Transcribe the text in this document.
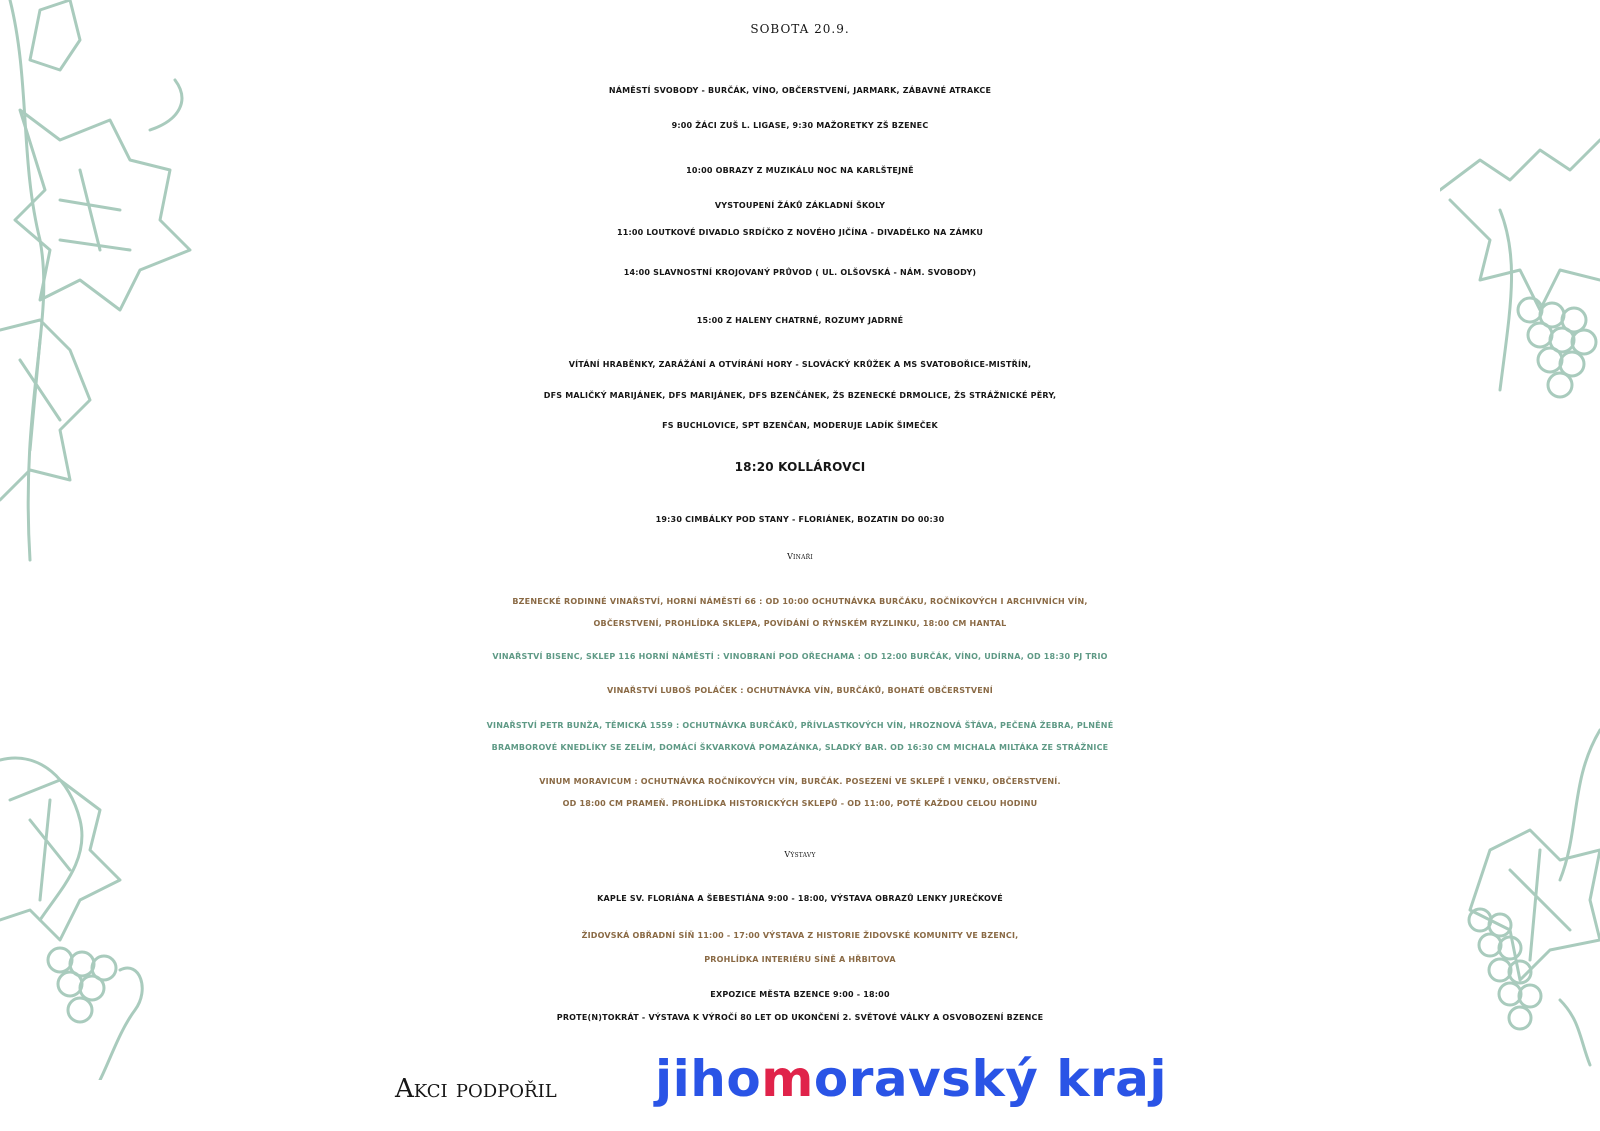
SOBOTA 20.9.
NÁMĚSTÍ SVOBODY - BURČÁK, VÍNO, OBČERSTVENÍ, JARMARK, ZÁBAVNÉ ATRAKCE
9:00 ŽÁCI ZUŠ L. LIGASE, 9:30 MAŽORETKY ZŠ BZENEC
10:00 OBRAZY Z MUZIKÁLU NOC NA KARLŠTEJNĚ
VYSTOUPENÍ ŽÁKŮ ZÁKLADNÍ ŠKOLY
11:00 LOUTKOVÉ DIVADLO SRDÍČKO Z NOVÉHO JIČÍNA - DIVADÉLKO NA ZÁMKU
14:00 SLAVNOSTNÍ KROJOVANÝ PRŮVOD ( UL. OLŠOVSKÁ - NÁM. SVOBODY)
15:00 Z HALENY CHATRNÉ, ROZUMY JADRNÉ
VÍTÁNÍ HRABĚNKY, ZARÁŽÁNÍ A OTVÍRÁNÍ HORY - SLOVÁCKÝ KRŮŽEK A MS SVATOBOŘICE-MISTŘÍN,
DFS MALIČKÝ MARIJÁNEK, DFS MARIJÁNEK, DFS BZENČÁNEK, ŽS BZENECKÉ DRMOLICE, ŽS STRÁŽNICKÉ PĚRY,
FS BUCHLOVICE, SPT BZENČAN, MODERUJE LADÍK ŠIMEČEK
18:20 KOLLÁROVCI
19:30 CIMBÁLKY POD STANY - FLORIÁNEK, BOZATIN DO 00:30
Vinaři
BZENECKÉ RODINNÉ VINAŘSTVÍ, HORNÍ NÁMĚSTÍ 66 : OD 10:00 OCHUTNÁVKA BURČÁKU, ROČNÍKOVÝCH I ARCHIVNÍCH VÍN,
OBČERSTVENÍ, PROHLÍDKA SKLEPA, POVÍDÁNÍ O RÝNSKÉM RYZLINKU, 18:00 CM HANTAL
VINAŘSTVÍ BISENC, SKLEP 116 HORNÍ NÁMĚSTÍ : VINOBRANÍ POD OŘECHAMA : OD 12:00 BURČÁK, VÍNO, UDÍRNA, OD 18:30 PJ TRIO
VINAŘSTVÍ LUBOŠ POLÁČEK : OCHUTNÁVKA VÍN, BURČÁKŮ, BOHATÉ OBČERSTVENÍ
VINAŘSTVÍ PETR BUNŽA, TĚMICKÁ 1559 : OCHUTNÁVKA BURČÁKŮ, PŘÍVLASTKOVÝCH VÍN, HROZNOVÁ ŠŤÁVA, PEČENÁ ŽEBRA, PLNĚNÉ
BRAMBOROVÉ KNEDLÍKY SE ZELÍM, DOMÁCÍ ŠKVARKOVÁ POMAZÁNKA, SLADKÝ BAR. OD 16:30 CM MICHALA MILTÁKA ZE STRÁŽNICE
VINUM MORAVICUM : OCHUTNÁVKA ROČNÍKOVÝCH VÍN, BURČÁK. POSEZENÍ VE SKLEPĚ I VENKU, OBČERSTVENÍ.
OD 18:00 CM PRAMEŇ. PROHLÍDKA HISTORICKÝCH SKLEPŮ - OD 11:00, POTÉ KAŽDOU CELOU HODINU
Výstavy
KAPLE SV. FLORIÁNA A ŠEBESTIÁNA 9:00 - 18:00, VÝSTAVA OBRAZŮ LENKY JUREČKOVÉ
ŽIDOVSKÁ OBŘADNÍ SÍŇ 11:00 - 17:00 VÝSTAVA Z HISTORIE ŽIDOVSKÉ KOMUNITY VE BZENCI,
PROHLÍDKA INTERIÉRU SÍNĚ A HŘBITOVA
EXPOZICE MĚSTA BZENCE 9:00 - 18:00
PROTE(N)TOKRÁT - VÝSTAVA K VÝROČÍ 80 LET OD UKONČENÍ 2. SVĚTOVÉ VÁLKY A OSVOBOZENÍ BZENCE
Akci podpořil jihomoravský kraj
